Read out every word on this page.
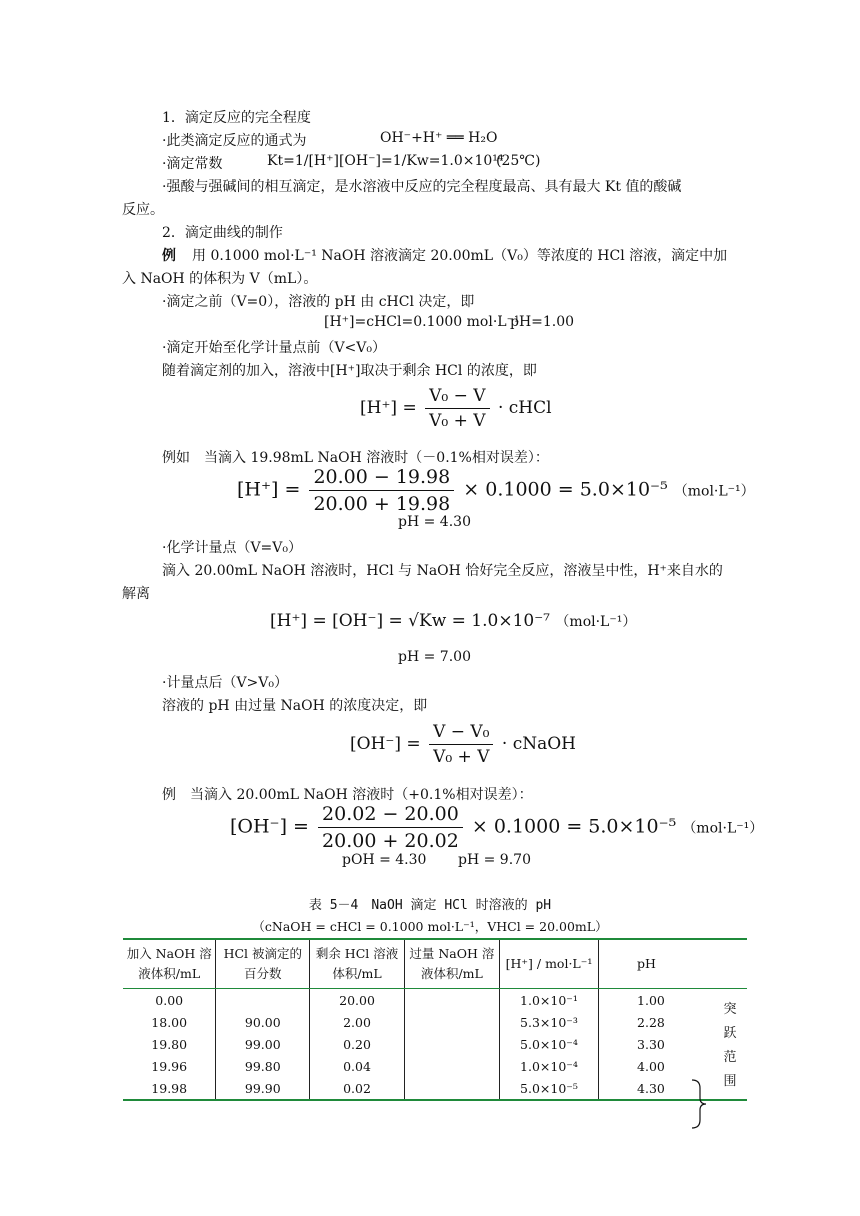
1．滴定反应的完全程度
·此类滴定反应的通式为	OH⁻+H⁺ ══ H₂O
·滴定常数	Kt=1/[H⁺][OH⁻]=1/Kw=1.0×10¹⁴
(25℃)
·强酸与强碱间的相互滴定，是水溶液中反应的完全程度最高、具有最大 Kt 值的酸碱
反应。
2．滴定曲线的制作
例 用 0.1000 mol·L⁻¹ NaOH 溶液滴定 20.00mL（V₀）等浓度的 HCl 溶液，滴定中加
入 NaOH 的体积为 V（mL）。
·滴定之前（V=0），溶液的 pH 由 cHCl 决定，即
[H⁺]=cHCl=0.1000 mol·L⁻¹
pH=1.00
·滴定开始至化学计量点前（V<V₀）
随着滴定剂的加入，溶液中[H⁺]取决于剩余 HCl 的浓度，即
$[H^+] = \frac{\text{V₀ − V}}{\text{V₀ + V}}$ · cHCl
例如　当滴入 19.98mL NaOH 溶液时（－0.1%相对误差）：
$[H^+] = \frac{20.00 - 19.98}{20.00 + 19.98} \times 0.1000 = 5.0\times 10^{-5}$ （mol·L⁻¹）
pH = 4.30
·化学计量点（V=V₀）
滴入 20.00mL NaOH 溶液时，HCl 与 NaOH 恰好完全反应，溶液呈中性，H⁺来自水的
解离
[H⁺] = [OH⁻] = √Kw = 1.0×10⁻⁷ （mol·L⁻¹）
pH = 7.00
·计量点后（V>V₀）
溶液的 pH 由过量 NaOH 的浓度决定，即
$[OH^-] = \frac{\text{V − V₀}}{\text{V₀ + V}}$ · cNaOH
例　当滴入 20.00mL NaOH 溶液时（+0.1%相对误差）：
$[OH^-] = \frac{20.02 - 20.00}{20.00 + 20.02} \times 0.1000 = 5.0\times 10^{-5}$ （mol·L⁻¹）
pOH = 4.30 pH = 9.70
表 5－4　NaOH 滴定 HCl 时溶液的 pH
（cNaOH = cHCl = 0.1000 mol·L⁻¹，VHCl = 20.00mL）
加入 NaOH 溶液体积/mL	HCl 被滴定的百分数	剩余 HCl 溶液体积/mL	过量 NaOH 溶液体积/mL	[H⁺] / mol·L⁻¹	pH
0.00		20.00		1.0×10⁻¹	1.00
18.00	90.00	2.00		5.3×10⁻³	2.28
19.80	99.00	0.20		5.0×10⁻⁴	3.30
19.96	99.80	0.04		1.0×10⁻⁴	4.00
19.98	99.90	0.02		5.0×10⁻⁵	4.30
突跃范围
